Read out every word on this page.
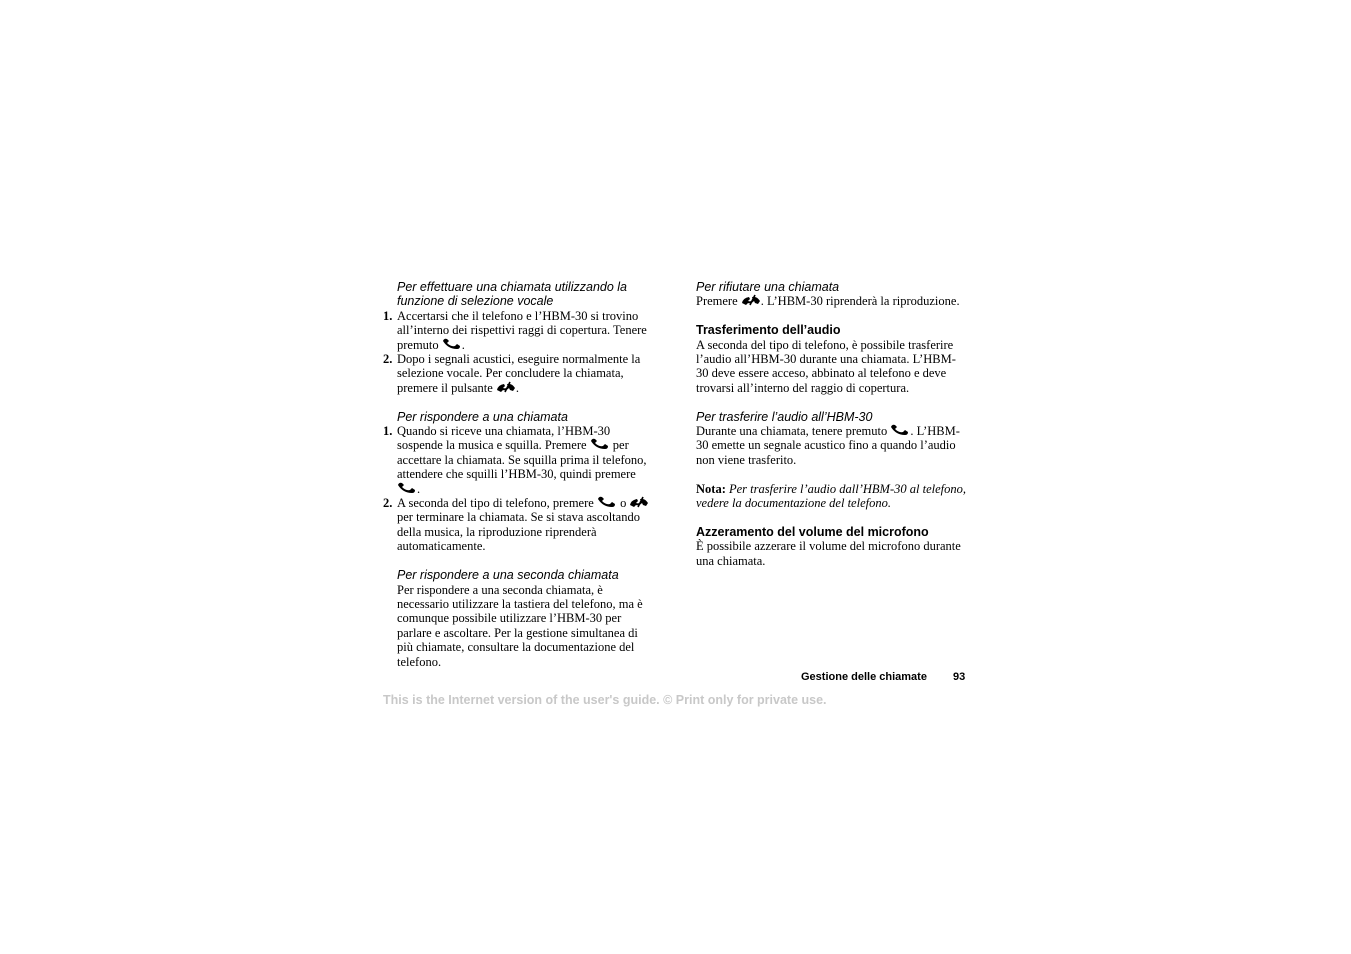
Per effettuare una chiamata utilizzando la funzione di selezione vocale
1. Accertarsi che il telefono e l’HBM-30 si trovino all’interno dei rispettivi raggi di copertura. Tenere premuto .
2. Dopo i segnali acustici, eseguire normalmente la selezione vocale. Per concludere la chiamata, premere il pulsante .
Per rispondere a una chiamata
1. Quando si riceve una chiamata, l’HBM-30 sospende la musica e squilla. Premere per accettare la chiamata. Se squilla prima il telefono, attendere che squilli l’HBM-30, quindi premere
.
2. A seconda del tipo di telefono, premere o
per terminare la chiamata. Se si stava ascoltando della musica, la riproduzione riprenderà automaticamente.
Per rispondere a una seconda chiamata
Per rispondere a una seconda chiamata, è necessario utilizzare la tastiera del telefono, ma è comunque possibile utilizzare l’HBM-30 per parlare e ascoltare. Per la gestione simultanea di più chiamate, consultare la documentazione del telefono.
Per rifiutare una chiamata
Premere . L’HBM-30 riprenderà la riproduzione.
Trasferimento dell’audio
A seconda del tipo di telefono, è possibile trasferire l’audio all’HBM-30 durante una chiamata. L’HBM-30 deve essere acceso, abbinato al telefono e deve trovarsi all’interno del raggio di copertura.
Per trasferire l’audio all’HBM-30
Durante una chiamata, tenere premuto . L’HBM-30 emette un segnale acustico fino a quando l’audio non viene trasferito.
Nota: Per trasferire l’audio dall’HBM-30 al telefono, vedere la documentazione del telefono.
Azzeramento del volume del microfono
È possibile azzerare il volume del microfono durante una chiamata.
Gestione delle chiamate 93
This is the Internet version of the user's guide. © Print only for private use.
